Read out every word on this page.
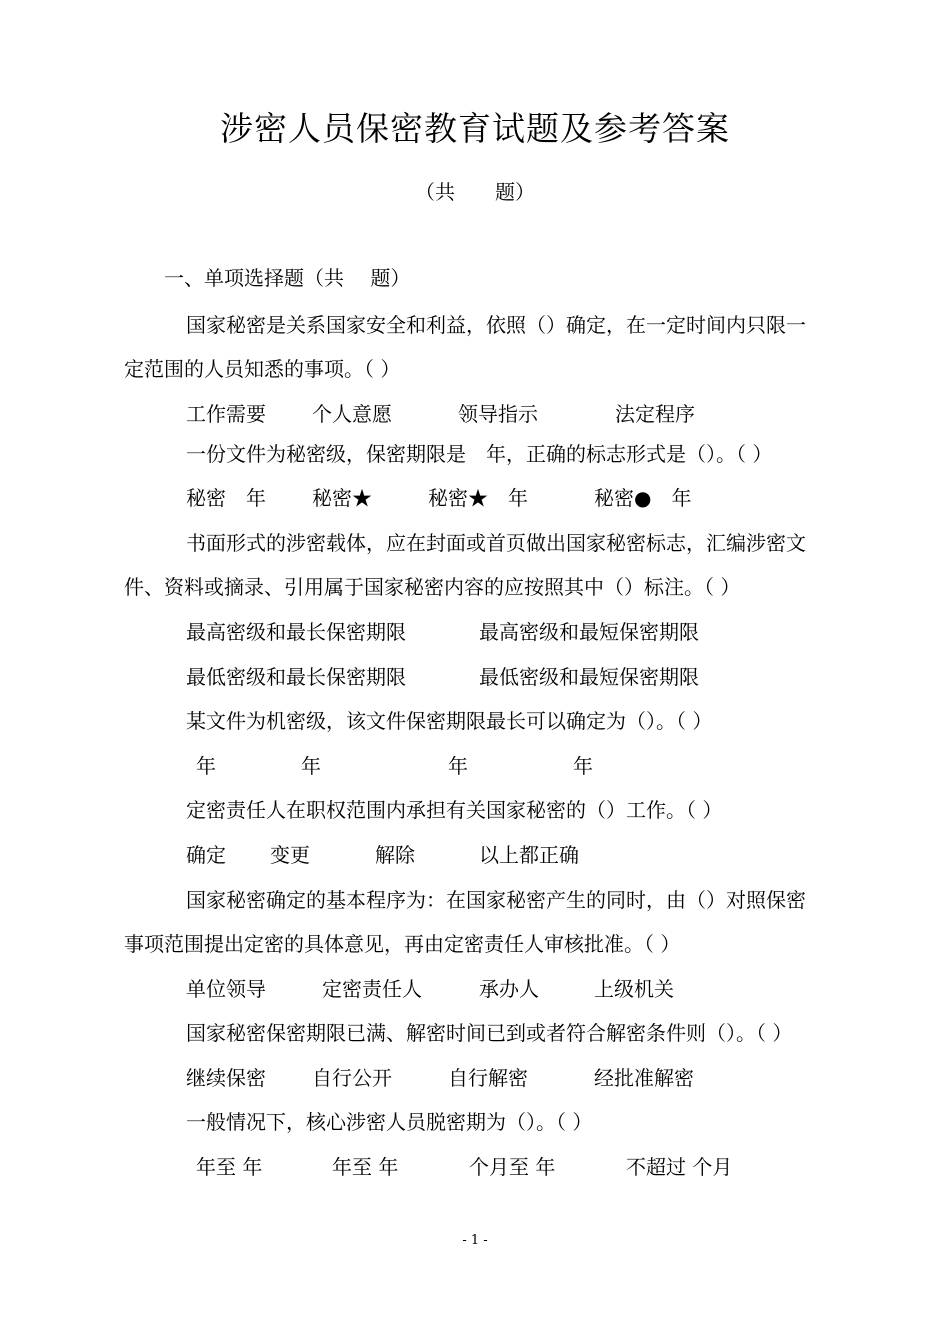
涉密人员保密教育试题及参考答案
（共　　题）
一、单项选择题（共　 题）
国家秘密是关系国家安全和利益，依照（）确定，在一定时间内只限一
定范围的人员知悉的事项。（ ）
工作需要 个人意愿	领导指示	法定程序
一份文件为秘密级，保密期限是　年，正确的标志形式是（）。（ ）
秘密　年 秘密★	秘密★　年	秘密●　年
书面形式的涉密载体，应在封面或首页做出国家秘密标志，汇编涉密文
件、资料或摘录、引用属于国家秘密内容的应按照其中（）标注。（ ）
最高密级和最长保密期限	最高密级和最短保密期限
最低密级和最长保密期限	最低密级和最短保密期限
某文件为机密级，该文件保密期限最长可以确定为（）。（ ）
年	年	年	年
定密责任人在职权范围内承担有关国家秘密的（）工作。（ ）
确定 变更	解除	以上都正确
国家秘密确定的基本程序为：在国家秘密产生的同时，由（）对照保密
事项范围提出定密的具体意见，再由定密责任人审核批准。（ ）
单位领导	定密责任人	承办人	上级机关
国家秘密保密期限已满、解密时间已到或者符合解密条件则（）。（ ）
继续保密 自行公开	自行解密	经批准解密
一般情况下，核心涉密人员脱密期为（）。（ ）
年至 年	年至 年	个月至 年	不超过 个月
- 1 -
